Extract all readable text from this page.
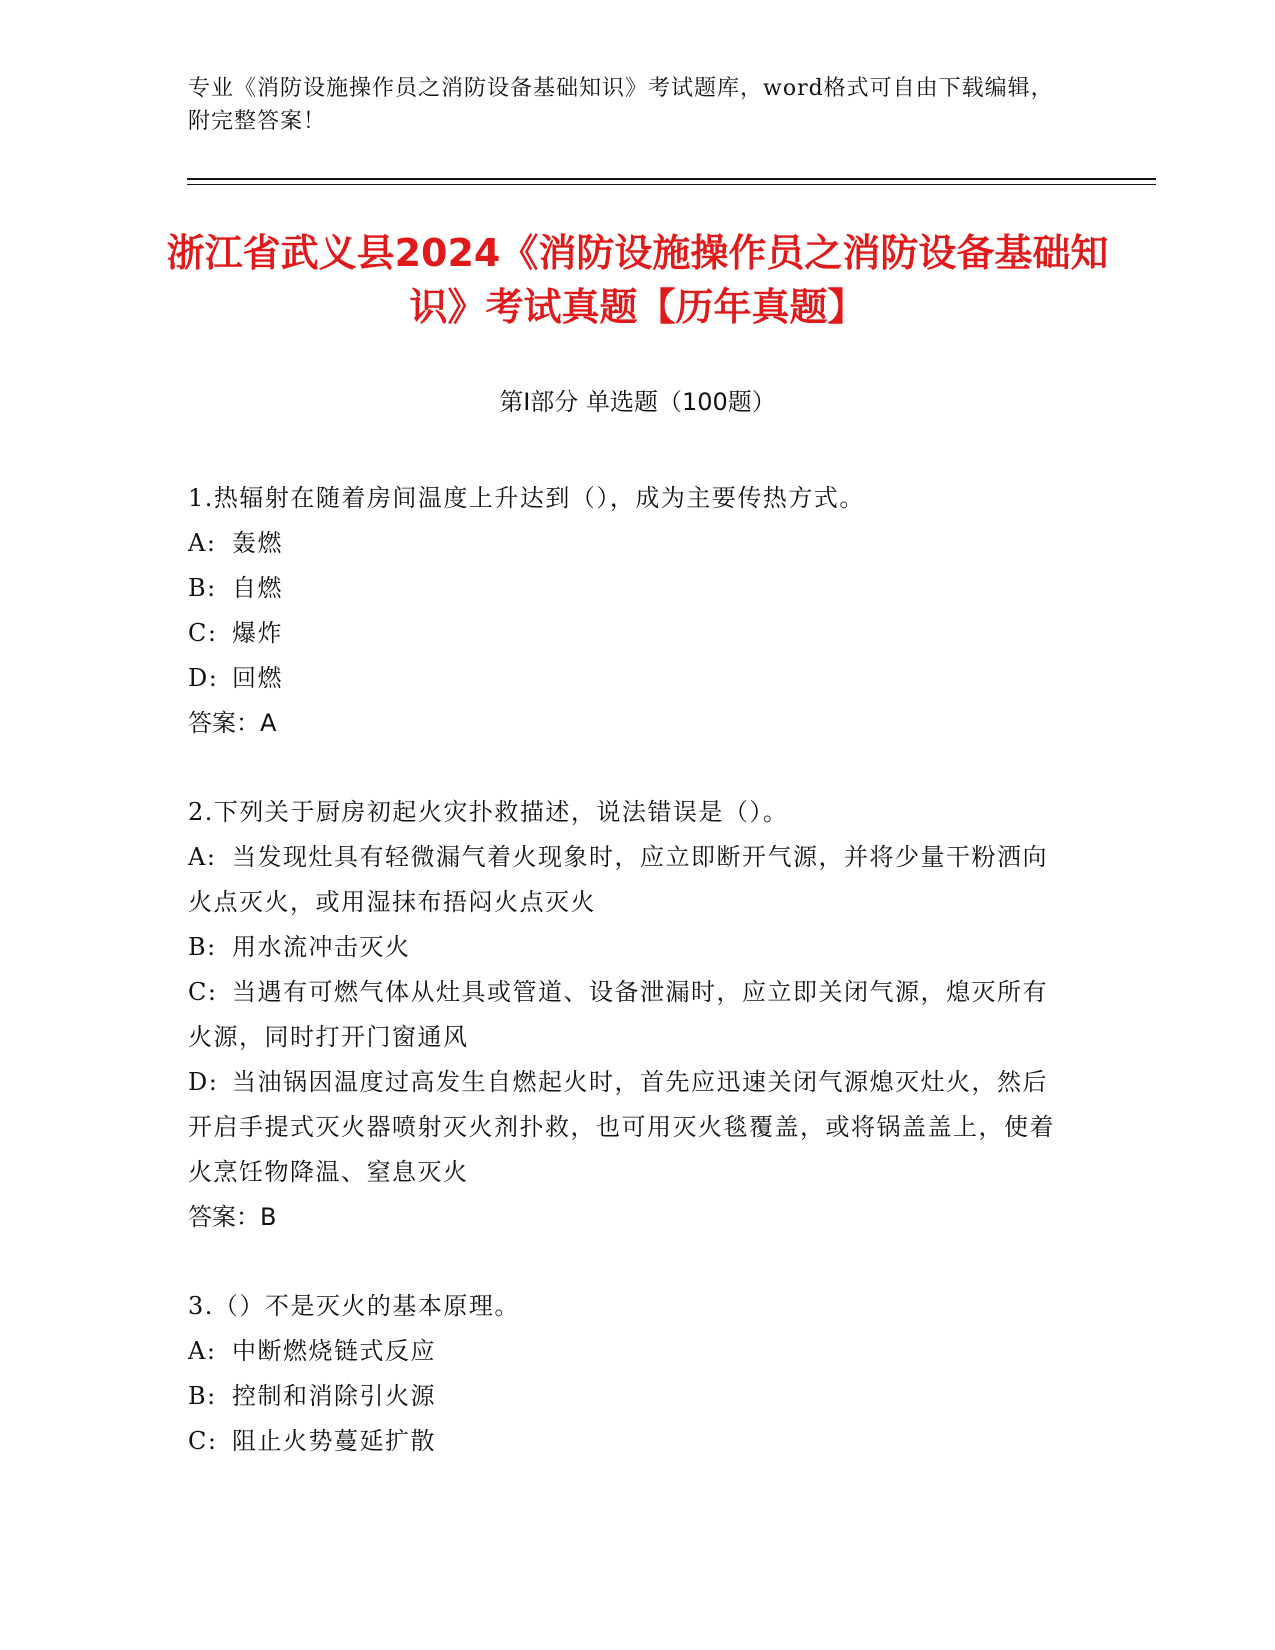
专业《消防设施操作员之消防设备基础知识》考试题库，word格式可自由下载编辑，附完整答案！
浙江省武义县2024《消防设施操作员之消防设备基础知识》考试真题【历年真题】
第Ⅰ部分 单选题（100题）

1.热辐射在随着房间温度上升达到（），成为主要传热方式。

A: 轰燃

B: 自燃

C: 爆炸

D: 回燃

答案：A

2.下列关于厨房初起火灾扑救描述，说法错误是（）。

A: 当发现灶具有轻微漏气着火现象时，应立即断开气源，并将少量干粉洒向火点灭火，或用湿抹布捂闷火点灭火

B: 用水流冲击灭火

C: 当遇有可燃气体从灶具或管道、设备泄漏时，应立即关闭气源，熄灭所有火源，同时打开门窗通风

D: 当油锅因温度过高发生自燃起火时，首先应迅速关闭气源熄灭灶火，然后开启手提式灭火器喷射灭火剂扑救，也可用灭火毯覆盖，或将锅盖盖上，使着火烹饪物降温、窒息灭火

答案：B

3.（）不是灭火的基本原理。

A: 中断燃烧链式反应

B: 控制和消除引火源

C: 阻止火势蔓延扩散
